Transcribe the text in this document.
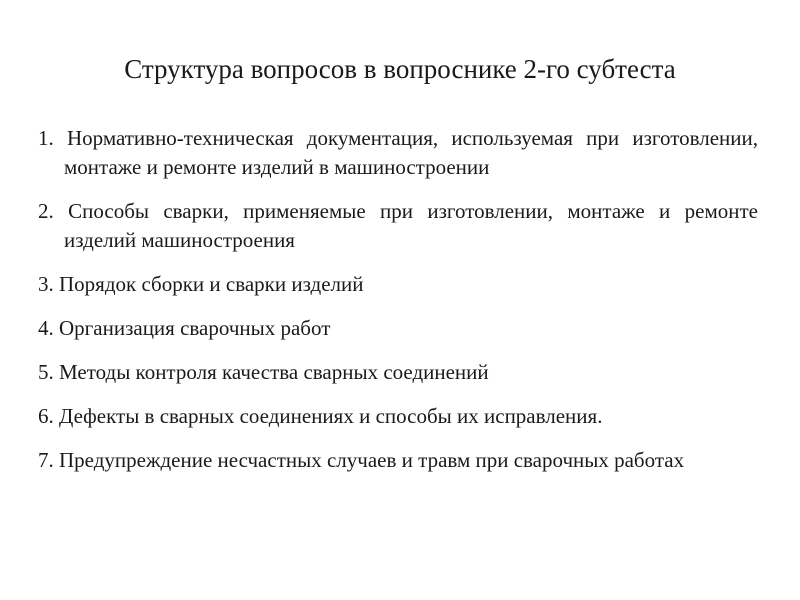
Структура вопросов в вопроснике 2-го субтеста
1. Нормативно-техническая документация, используемая при изготовлении, монтаже и ремонте изделий в машиностроении
2. Способы сварки, применяемые при изготовлении, монтаже и ремонте изделий машиностроения
3. Порядок сборки и сварки изделий
4. Организация сварочных работ
5. Методы контроля качества сварных соединений
6. Дефекты в сварных соединениях и способы их исправления.
7. Предупреждение несчастных случаев и травм при сварочных работах
